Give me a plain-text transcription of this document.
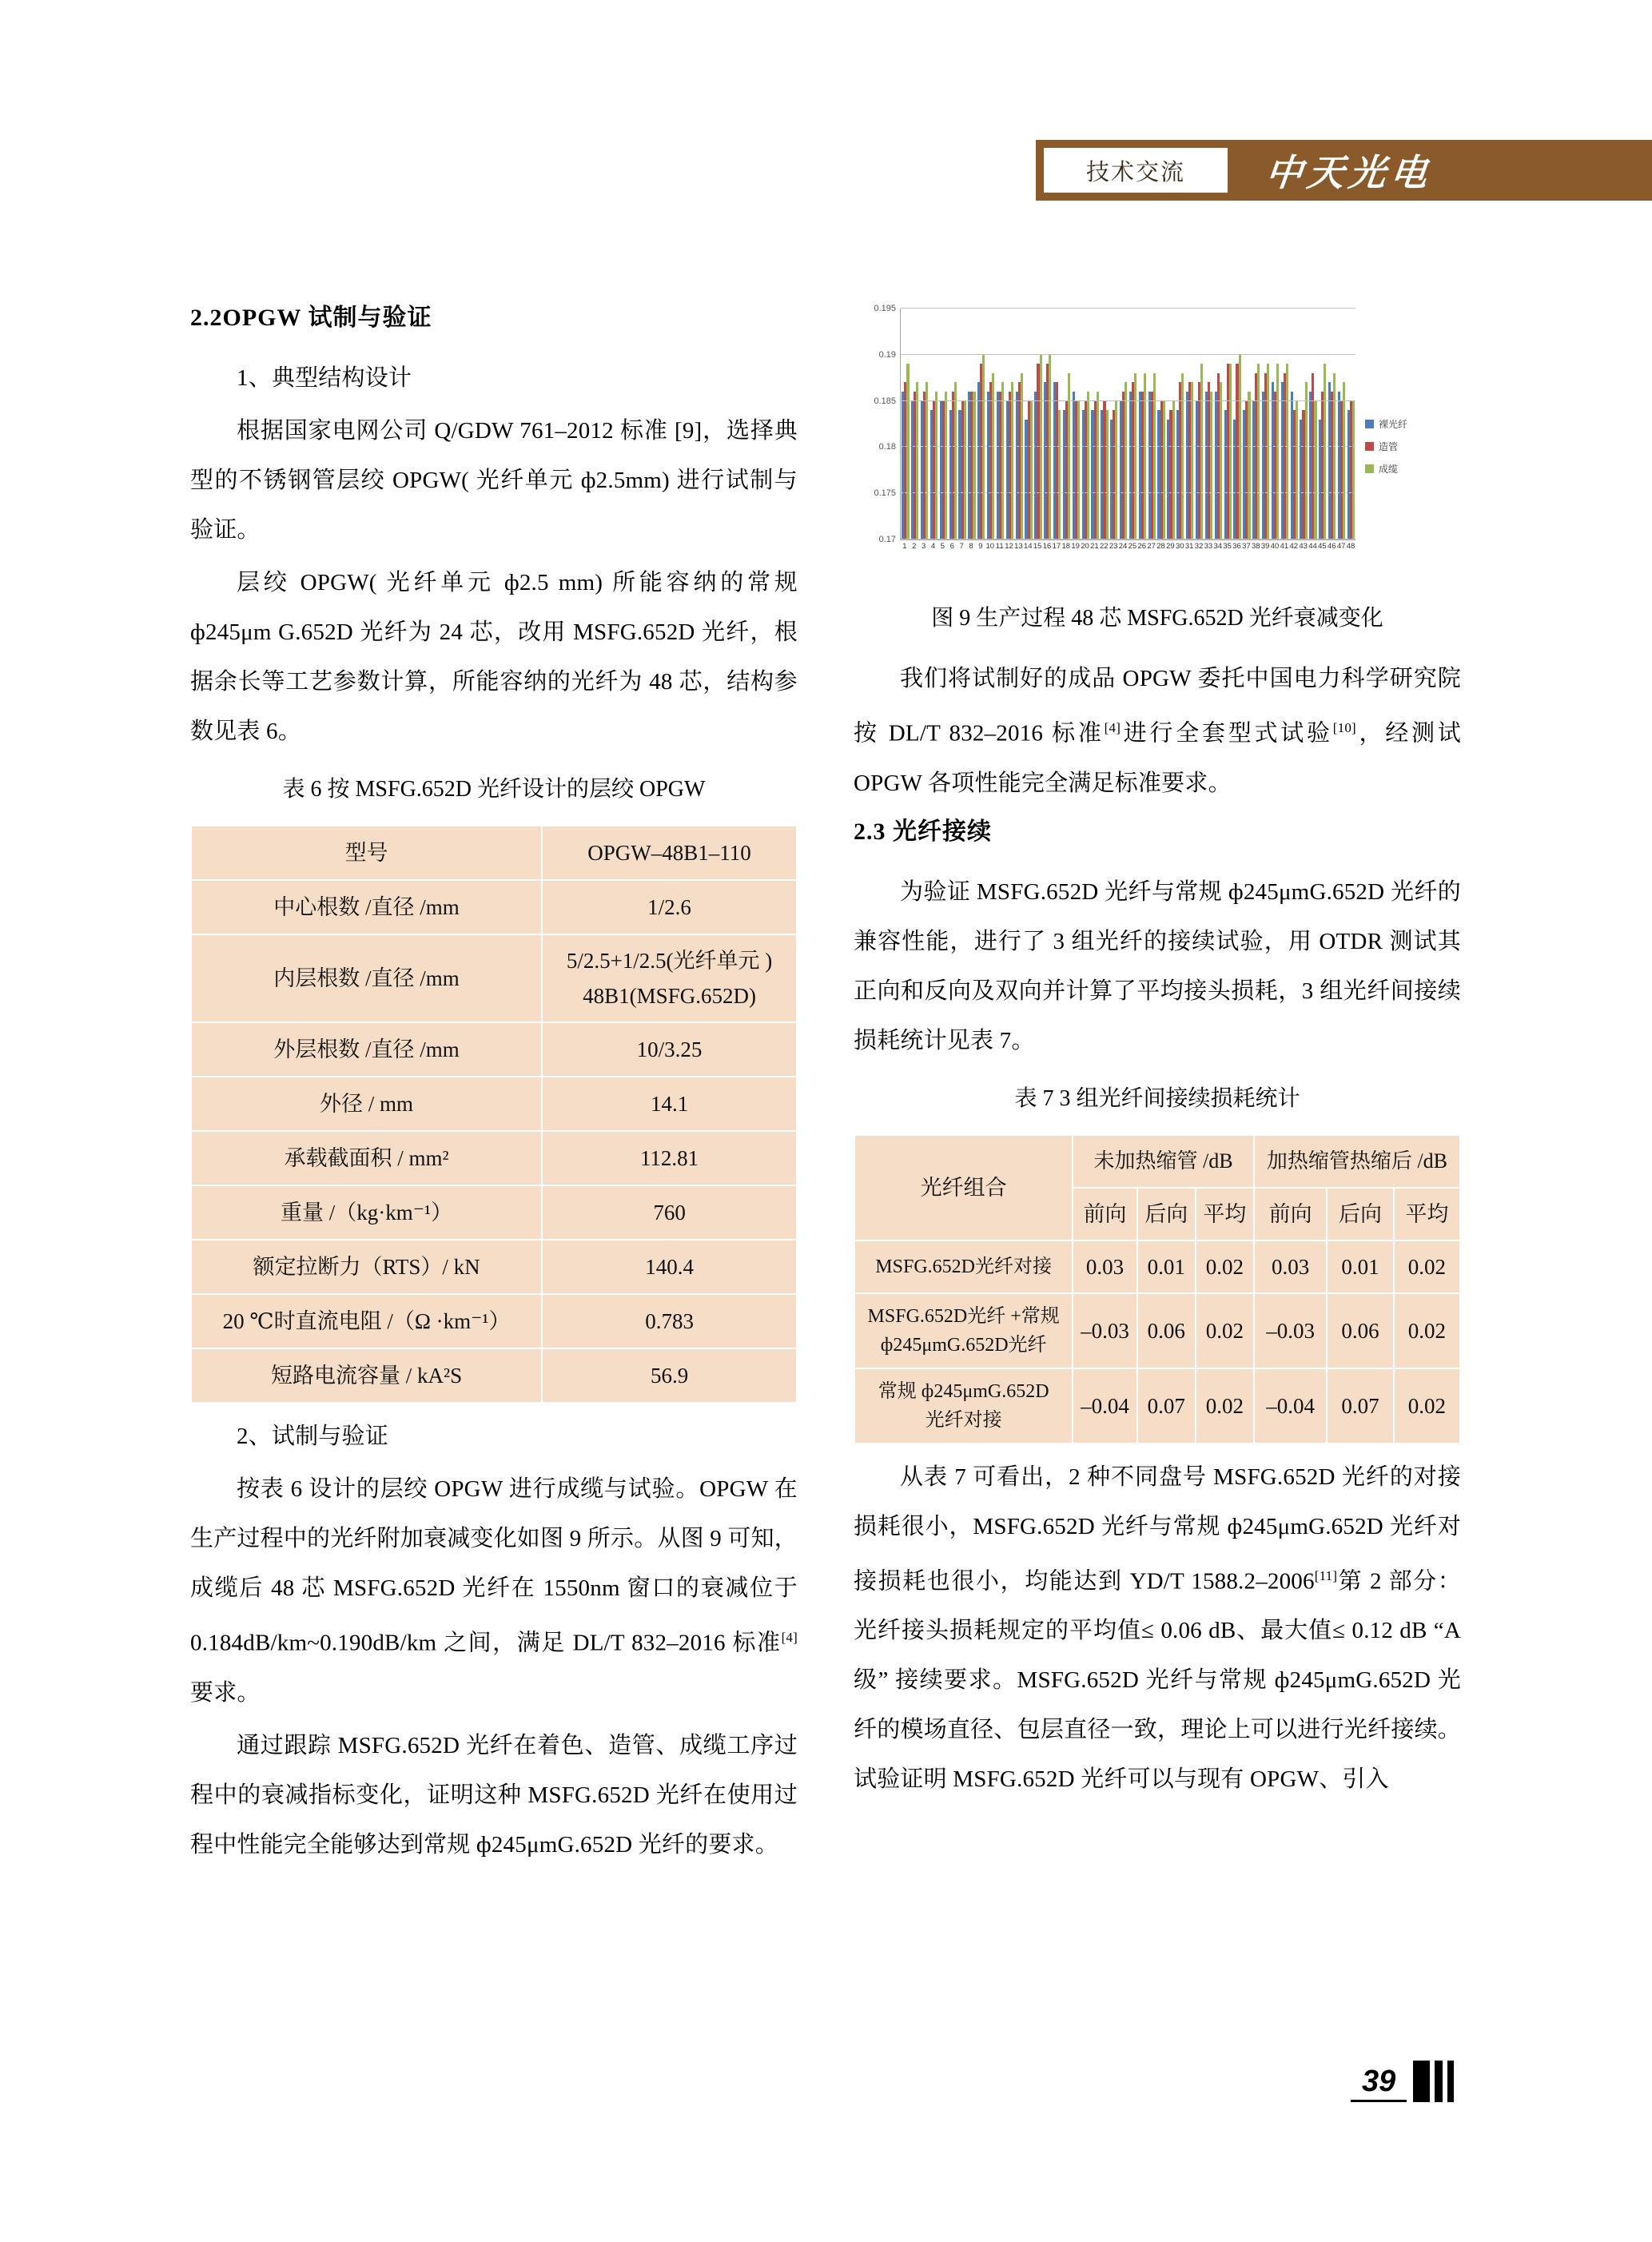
技术交流	中天光电
2.2OPGW 试制与验证

1、典型结构设计

根据国家电网公司 Q/GDW 761–2012 标准 [9]，选择典型的不锈钢管层绞 OPGW( 光纤单元 ф2.5mm) 进行试制与验证。

层绞 OPGW( 光纤单元 ф2.5 mm) 所能容纳的常规 ф245μm G.652D 光纤为 24 芯，改用 MSFG.652D 光纤，根据余长等工艺参数计算，所能容纳的光纤为 48 芯，结构参数见表 6。

表 6 按 MSFG.652D 光纤设计的层绞 OPGW

型号	OPGW–48B1–110
中心根数 /直径 /mm	1/2.6
内层根数 /直径 /mm	5/2.5+1/2.5(光纤单元 )
48B1(MSFG.652D)
外层根数 /直径 /mm	10/3.25
外径 / mm	14.1
承载截面积 / mm²	112.81
重量 /（kg·km⁻¹）	760
额定拉断力（RTS）/ kN	140.4
20 ℃时直流电阻 /（Ω ·km⁻¹）	0.783
短路电流容量 / kA²S	56.9

2、试制与验证

按表 6 设计的层绞 OPGW 进行成缆与试验。OPGW 在生产过程中的光纤附加衰减变化如图 9 所示。从图 9 可知，成缆后 48 芯 MSFG.652D 光纤在 1550nm 窗口的衰减位于 0.184dB/km~0.190dB/km 之间，满足 DL/T 832–2016 标准[4]要求。

通过跟踪 MSFG.652D 光纤在着色、造管、成缆工序过程中的衰减指标变化，证明这种 MSFG.652D 光纤在使用过程中性能完全能够达到常规 ф245μmG.652D 光纤的要求。

0.17
0.175
0.18
0.185
0.19
0.195
1 2 3 4 5 6 7 8 9 10 11 12 13 14 15 16 17 18 19 20 21 22 23 24 25 26 27 28 29 30 31 32 33 34 35 36 37 38 39 40 41 42 43 44 45 46 47 48
裸光纤
造管
成缆

图 9 生产过程 48 芯 MSFG.652D 光纤衰减变化

我们将试制好的成品 OPGW 委托中国电力科学研究院按 DL/T 832–2016 标准[4]进行全套型式试验[10]，经测试 OPGW 各项性能完全满足标准要求。

2.3 光纤接续

为验证 MSFG.652D 光纤与常规 ф245μmG.652D 光纤的兼容性能，进行了 3 组光纤的接续试验，用 OTDR 测试其正向和反向及双向并计算了平均接头损耗，3 组光纤间接续损耗统计见表 7。

表 7 3 组光纤间接续损耗统计

光纤组合	未加热缩管 /dB			加热缩管热缩后 /dB		
	前向	后向	平均	前向	后向	平均
MSFG.652D光纤对接	0.03	0.01	0.02	0.03	0.01	0.02
MSFG.652D光纤 +常规
ф245μmG.652D光纤	–0.03	0.06	0.02	–0.03	0.06	0.02
常规 ф245μmG.652D
光纤对接	–0.04	0.07	0.02	–0.04	0.07	0.02

从表 7 可看出，2 种不同盘号 MSFG.652D 光纤的对接损耗很小，MSFG.652D 光纤与常规 ф245μmG.652D 光纤对接损耗也很小，均能达到 YD/T 1588.2–2006[11]第 2 部分：光纤接头损耗规定的平均值≤ 0.06 dB、最大值≤ 0.12 dB “A 级” 接续要求。MSFG.652D 光纤与常规 ф245μmG.652D 光纤的模场直径、包层直径一致，理论上可以进行光纤接续。试验证明 MSFG.652D 光纤可以与现有 OPGW、引入

39
